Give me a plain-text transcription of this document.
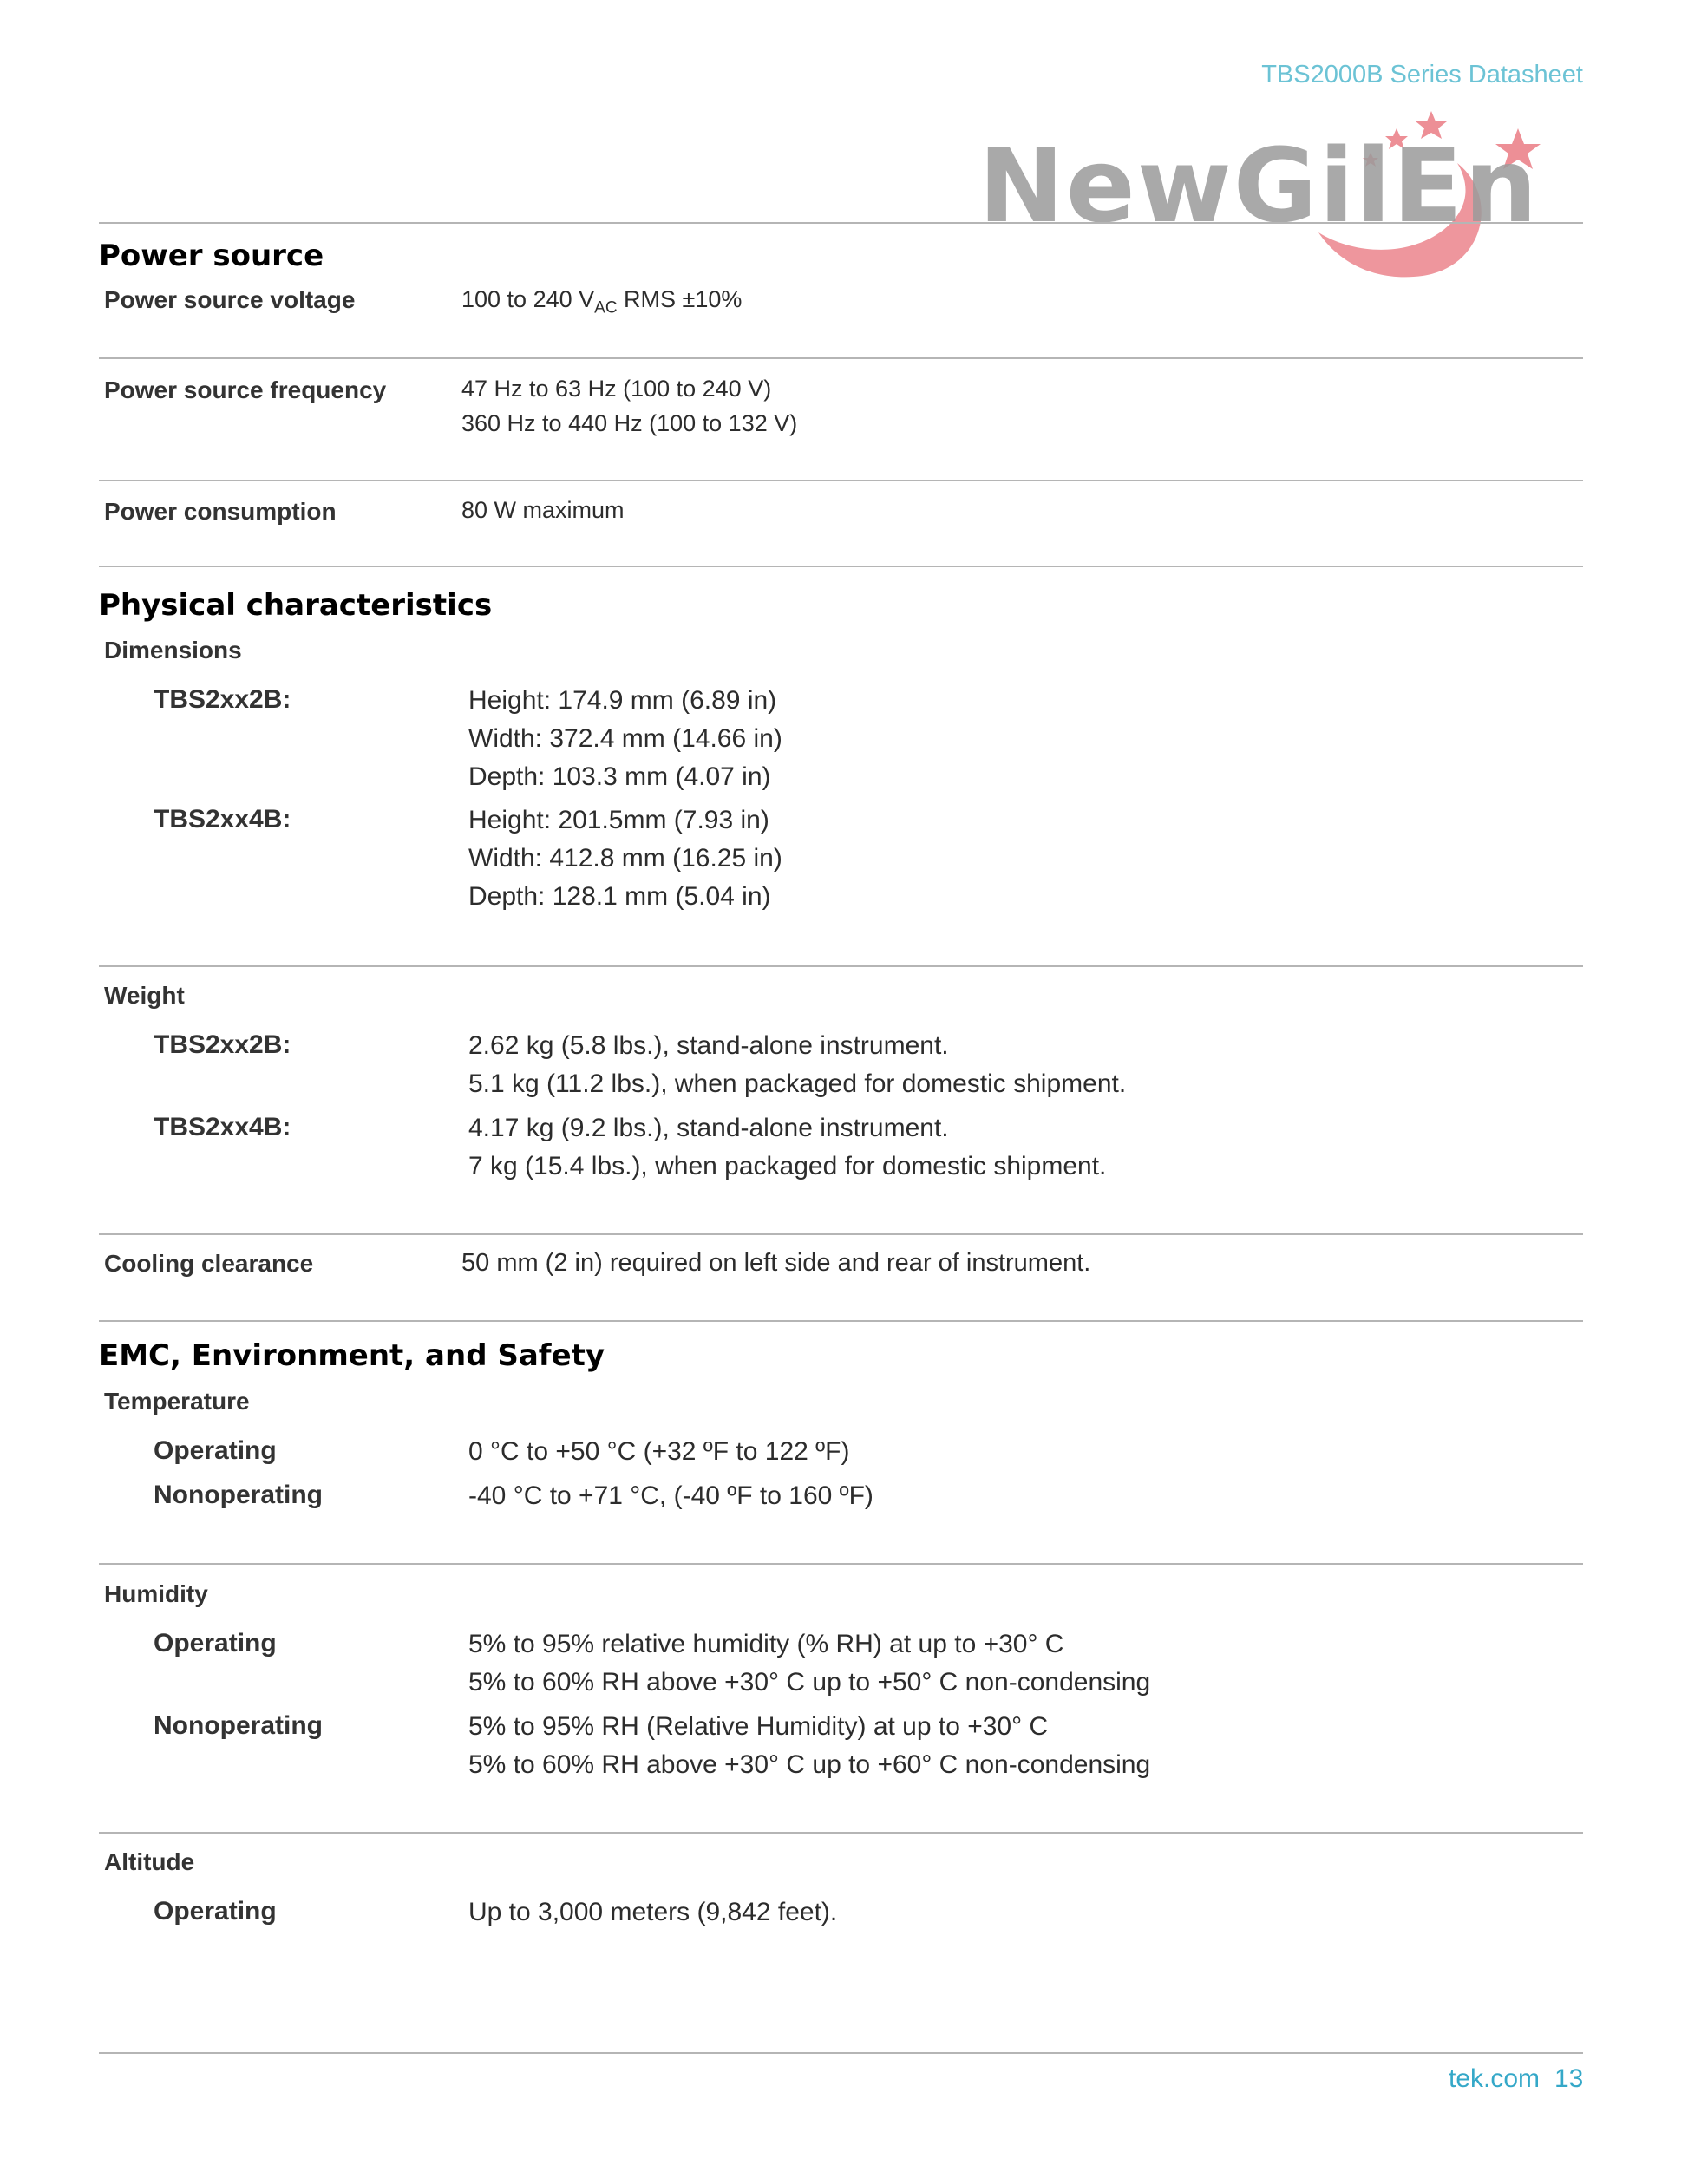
TBS2000B Series Datasheet
NewGilEn
Power source
Power source voltage	100 to 240 $V_{AC}$ RMS ±10%
Power source frequency	47 Hz to 63 Hz (100 to 240 V)
360 Hz to 440 Hz (100 to 132 V)
Power consumption	80 W maximum
Physical characteristics
Dimensions
TBS2xx2B:	Height: 174.9 mm (6.89 in)
Width: 372.4 mm (14.66 in)
Depth: 103.3 mm (4.07 in)
TBS2xx4B:	Height: 201.5mm (7.93 in)
Width: 412.8 mm (16.25 in)
Depth: 128.1 mm (5.04 in)
Weight
TBS2xx2B:	2.62 kg (5.8 lbs.), stand-alone instrument.
5.1 kg (11.2 lbs.), when packaged for domestic shipment.
TBS2xx4B:	4.17 kg (9.2 lbs.), stand-alone instrument.
7 kg (15.4 lbs.), when packaged for domestic shipment.
Cooling clearance	50 mm (2 in) required on left side and rear of instrument.
EMC, Environment, and Safety
Temperature
Operating	0 °C to +50 °C (+32 ºF to 122 ºF)
Nonoperating	-40 °C to +71 °C, (-40 ºF to 160 ºF)
Humidity
Operating	5% to 95% relative humidity (% RH) at up to +30° C
5% to 60% RH above +30° C up to +50° C non-condensing
Nonoperating	5% to 95% RH (Relative Humidity) at up to +30° C
5% to 60% RH above +30° C up to +60° C non-condensing
Altitude
Operating	Up to 3,000 meters (9,842 feet).
tek.com 13
